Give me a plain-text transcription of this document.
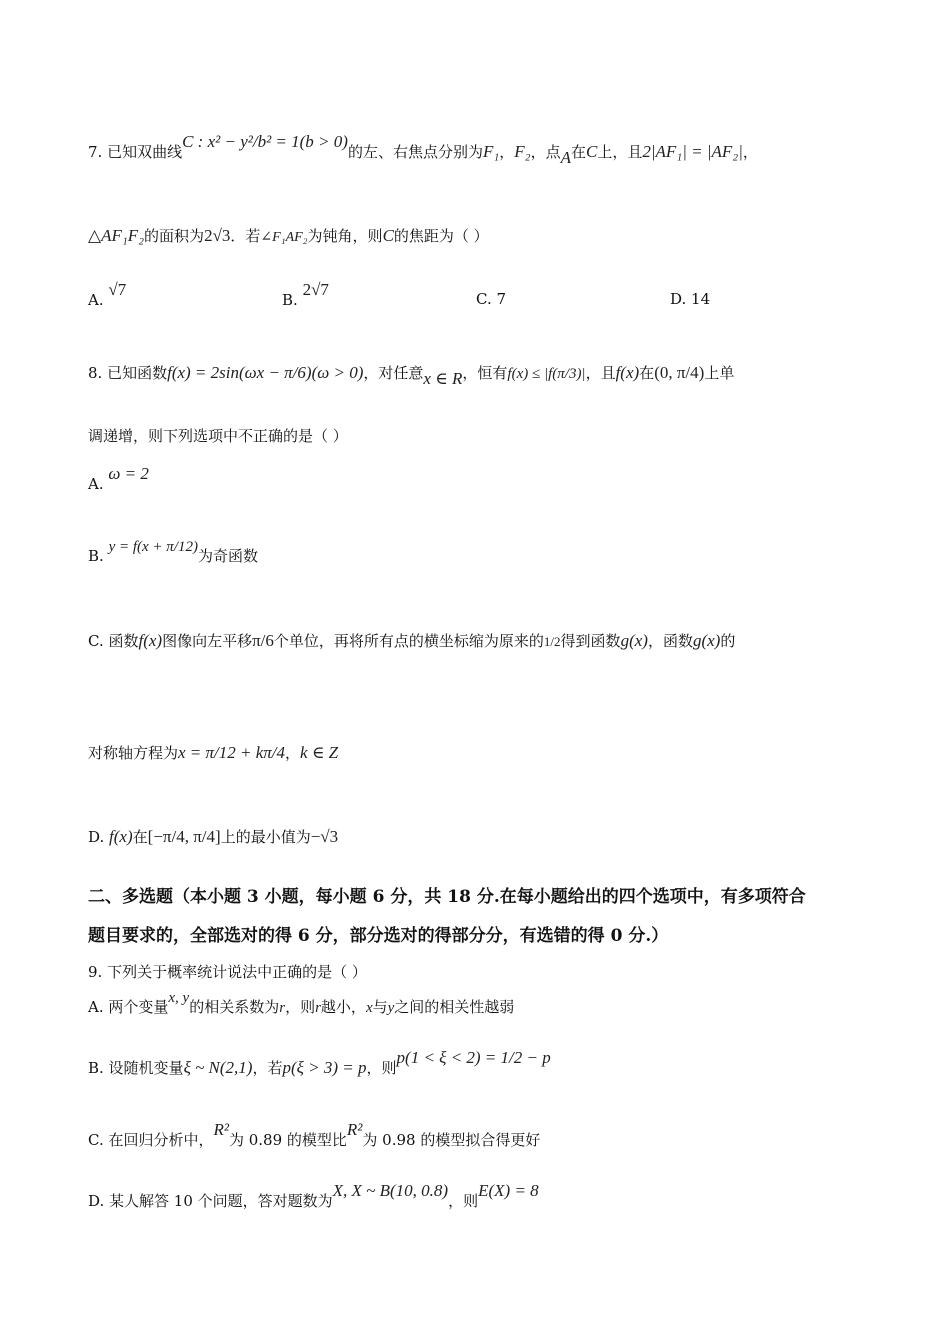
7. 已知双曲线C : x² − y²/b² = 1(b > 0)的左、右焦点分别为F₁，F₂，点A在C上，且2|AF₁| = |AF₂|，
△AF₁F₂的面积为2√3．若∠F₁AF₂为钝角，则C的焦距为（ ）
A. √7
B. 2√7	C. 7	D. 14
8. 已知函数f(x) = 2sin(ωx − π/6)(ω > 0)，对任意x ∈ R，恒有f(x) ≤ |f(π/3)|，且f(x)在(0, π/4)上单
调递增，则下列选项中不正确的是（ ）
A. ω = 2
B. y = f(x + π/12)为奇函数
C. 函数f(x)图像向左平移π/6个单位，再将所有点的横坐标缩为原来的1/2得到函数g(x)，函数g(x)的
对称轴方程为x = π/12 + kπ/4，k ∈ Z
D. f(x)在[−π/4, π/4]上的最小值为−√3
二、多选题（本小题 3 小题，每小题 6 分，共 18 分.在每小题给出的四个选项中，有多项符合
题目要求的，全部选对的得 6 分，部分选对的得部分分，有选错的得 0 分.）
9. 下列关于概率统计说法中正确的是（ ）
A. 两个变量x, y的相关系数为r，则r越小，x与y之间的相关性越弱
B. 设随机变量ξ ~ N(2,1)，若p(ξ > 3) = p，则p(1 < ξ < 2) = 1/2 − p
C. 在回归分析中，R²为 0.89 的模型比R²为 0.98 的模型拟合得更好
D. 某人解答 10 个问题，答对题数为X, X ~ B(10, 0.8)，则E(X) = 8
